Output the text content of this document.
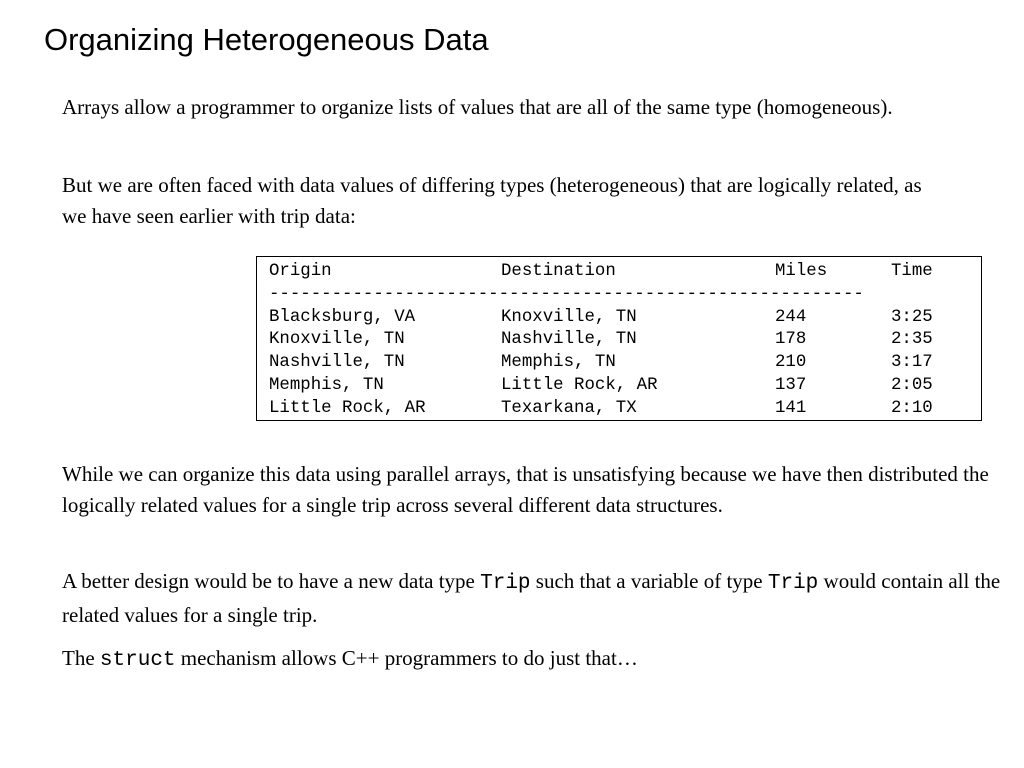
Organizing Heterogeneous Data

Arrays allow a programmer to organize lists of values that are all of the same type (homogeneous).

But we are often faced with data values of differing types (heterogeneous) that are logically related, as we have seen earlier with trip data:

Origin	Destination	Miles	Time
---------------------------------------------------------
Blacksburg, VA	Knoxville, TN	244	3:25
Knoxville, TN	Nashville, TN	178	2:35
Nashville, TN	Memphis, TN	210	3:17
Memphis, TN	Little Rock, AR	137	2:05
Little Rock, AR	Texarkana, TX	141	2:10

While we can organize this data using parallel arrays, that is unsatisfying because we have then distributed the logically related values for a single trip across several different data structures.

A better design would be to have a new data type Trip such that a variable of type Trip would contain all the related values for a single trip.

The struct mechanism allows C++ programmers to do just that…
